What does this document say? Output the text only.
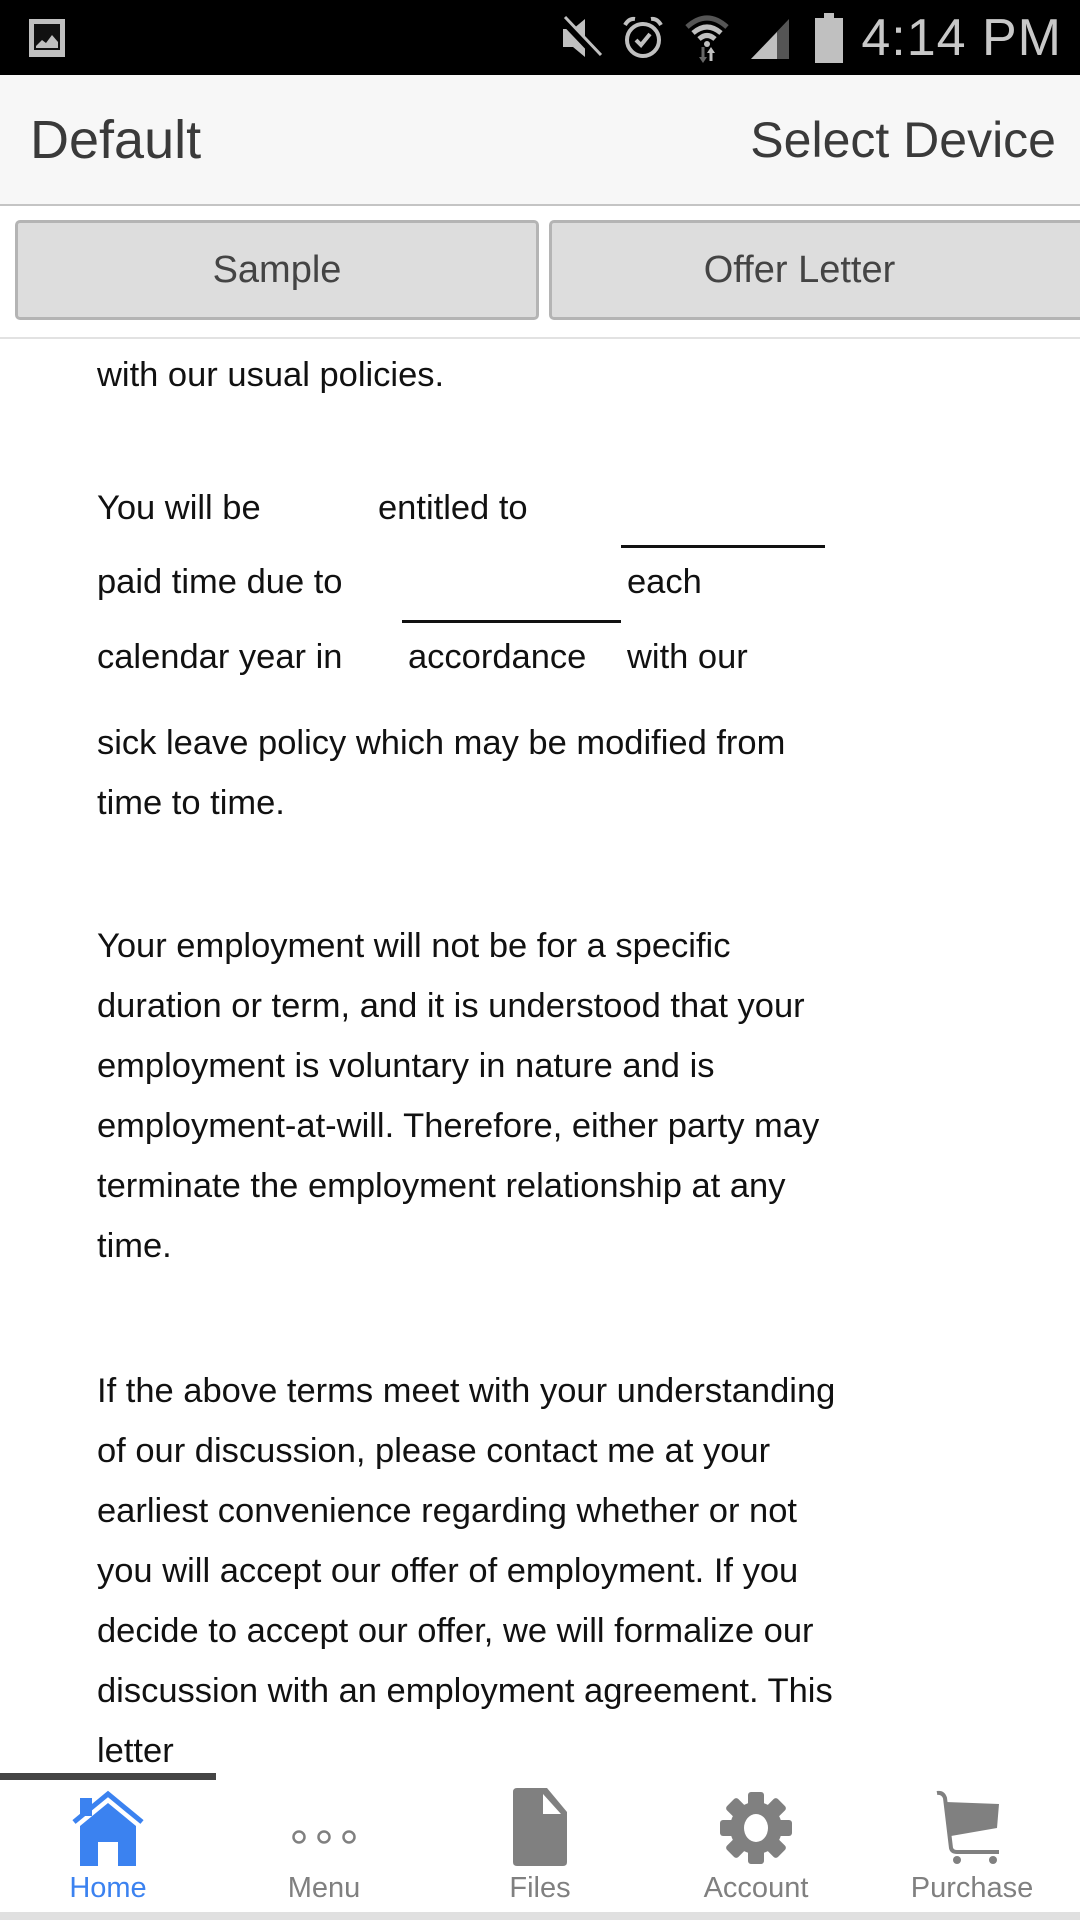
4:14 PM
Default	Select Device
Sample	Offer Letter
with our usual policies.
You will be	entitled to
paid time due to	each
calendar year in accordance with our
sick leave policy which may be modified from time to time.
Your employment will not be for a specific duration or term, and it is understood that your employment is voluntary in nature and is employment-at-will. Therefore, either party may terminate the employment relationship at any time.
If the above terms meet with your understanding of our discussion, please contact me at your earliest convenience regarding whether or not you will accept our offer of employment. If you decide to accept our offer, we will formalize our discussion with an employment agreement. This letter
Home	Menu	Files	Account	Purchase
